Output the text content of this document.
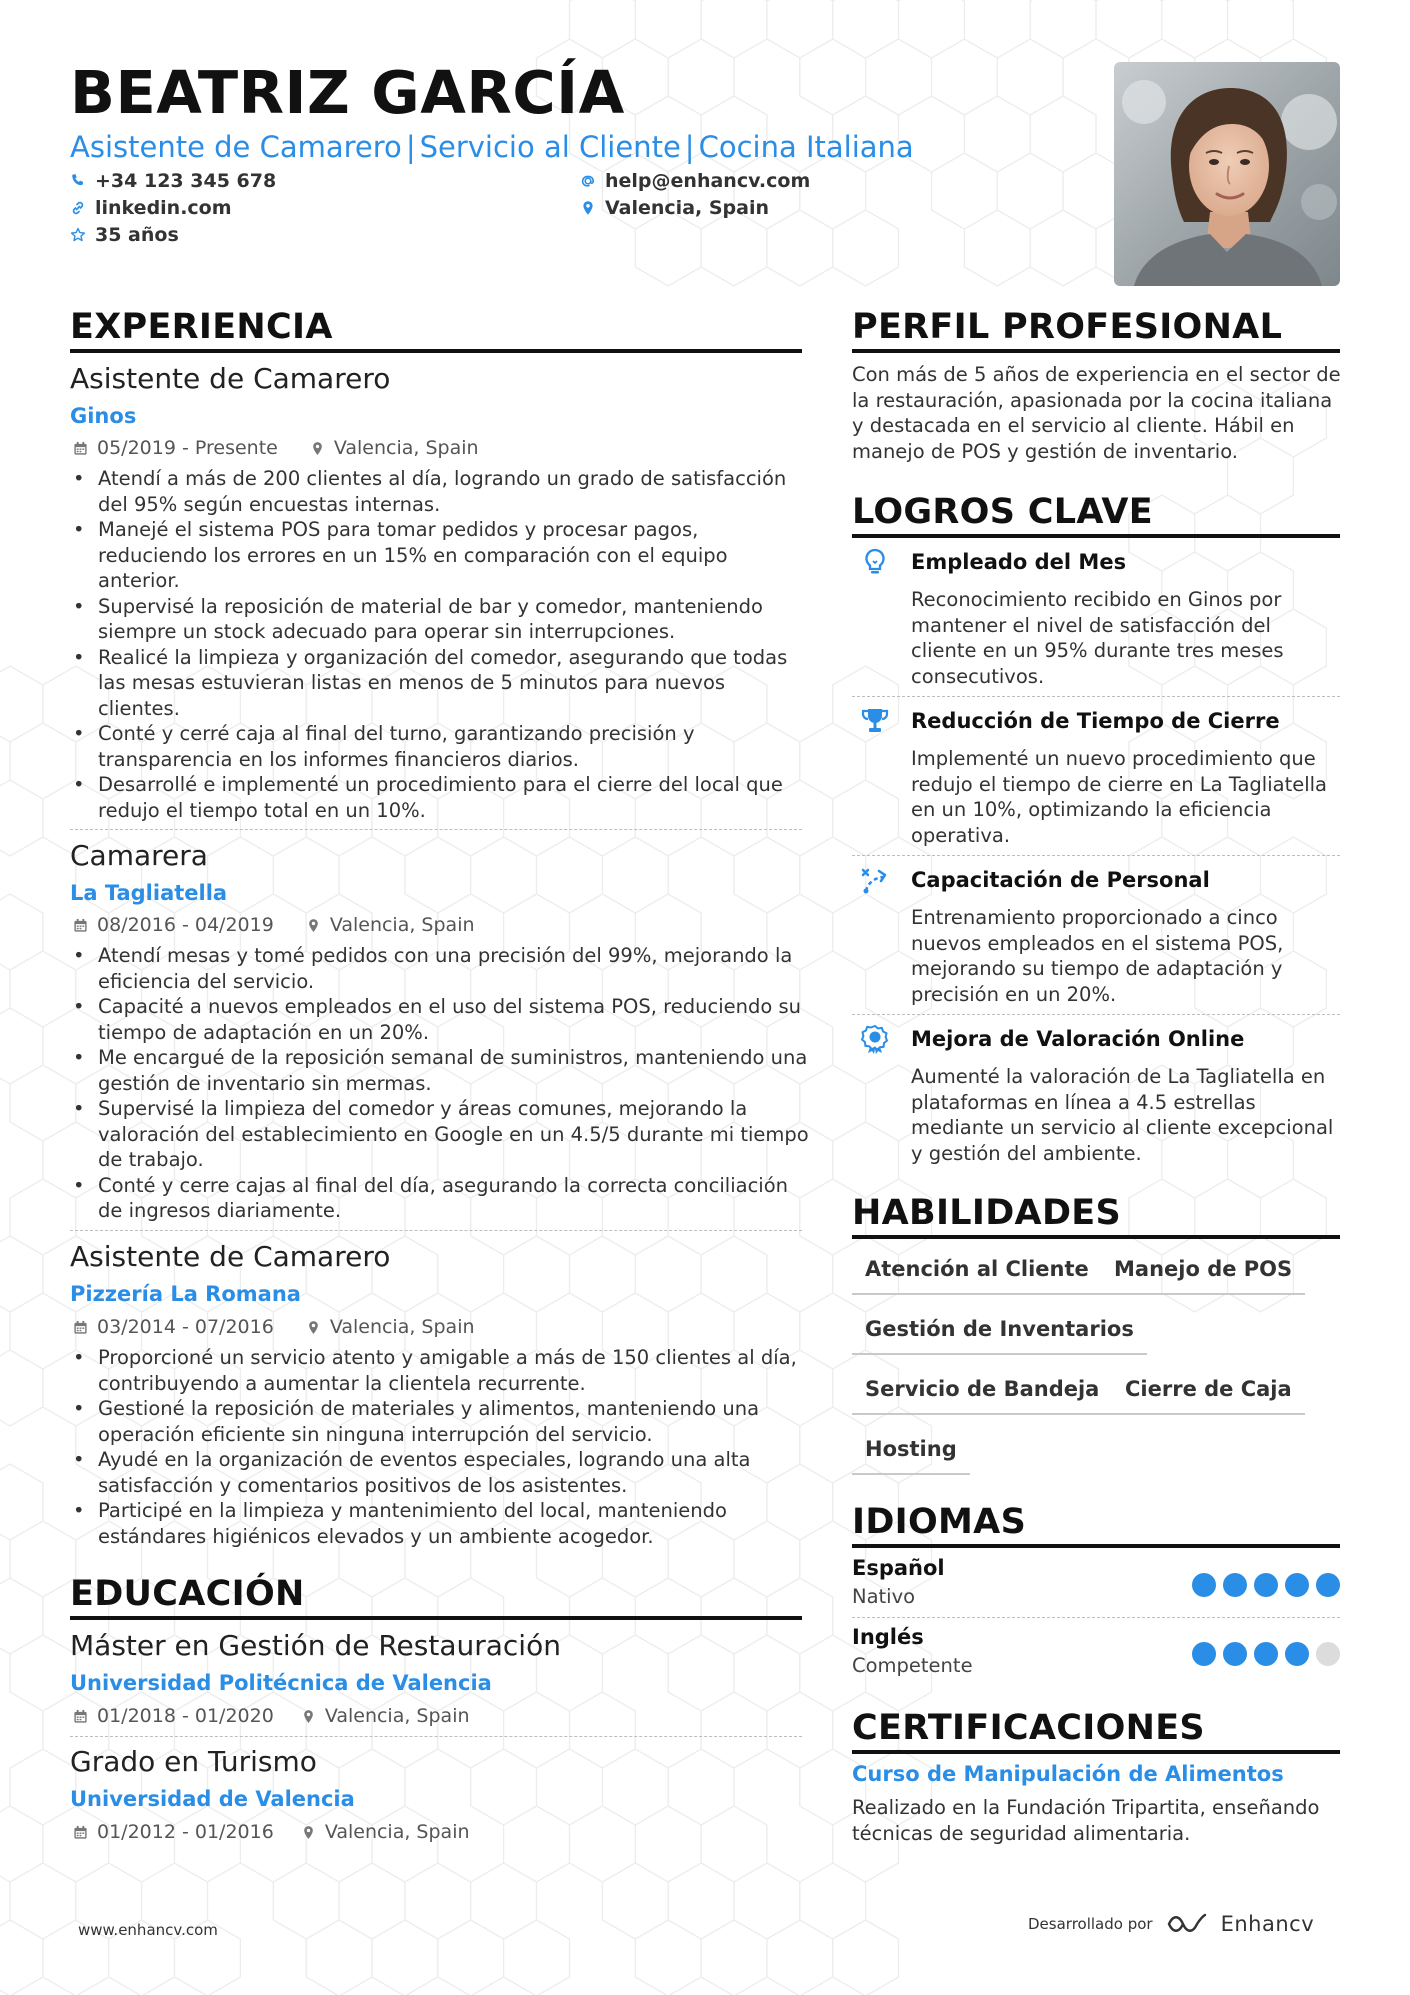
BEATRIZ GARCÍA
Asistente de Camarero | Servicio al Cliente | Cocina Italiana
+34 123 345 678	help@enhancv.com
linkedin.com	Valencia, Spain
35 años
EXPERIENCIA
Asistente de Camarero
Ginos
05/2019 - Presente	Valencia, Spain
• Atendí a más de 200 clientes al día, logrando un grado de satisfacción del 95% según encuestas internas.
• Manejé el sistema POS para tomar pedidos y procesar pagos, reduciendo los errores en un 15% en comparación con el equipo anterior.
• Supervisé la reposición de material de bar y comedor, manteniendo siempre un stock adecuado para operar sin interrupciones.
• Realicé la limpieza y organización del comedor, asegurando que todas las mesas estuvieran listas en menos de 5 minutos para nuevos clientes.
• Conté y cerré caja al final del turno, garantizando precisión y transparencia en los informes financieros diarios.
• Desarrollé e implementé un procedimiento para el cierre del local que redujo el tiempo total en un 10%.
Camarera
La Tagliatella
08/2016 - 04/2019	Valencia, Spain
• Atendí mesas y tomé pedidos con una precisión del 99%, mejorando la eficiencia del servicio.
• Capacité a nuevos empleados en el uso del sistema POS, reduciendo su tiempo de adaptación en un 20%.
• Me encargué de la reposición semanal de suministros, manteniendo una gestión de inventario sin mermas.
• Supervisé la limpieza del comedor y áreas comunes, mejorando la valoración del establecimiento en Google en un 4.5/5 durante mi tiempo de trabajo.
• Conté y cerre cajas al final del día, asegurando la correcta conciliación de ingresos diariamente.
Asistente de Camarero
Pizzería La Romana
03/2014 - 07/2016	Valencia, Spain
• Proporcioné un servicio atento y amigable a más de 150 clientes al día, contribuyendo a aumentar la clientela recurrente.
• Gestioné la reposición de materiales y alimentos, manteniendo una operación eficiente sin ninguna interrupción del servicio.
• Ayudé en la organización de eventos especiales, logrando una alta satisfacción y comentarios positivos de los asistentes.
• Participé en la limpieza y mantenimiento del local, manteniendo estándares higiénicos elevados y un ambiente acogedor.
EDUCACIÓN
Máster en Gestión de Restauración
Universidad Politécnica de Valencia
01/2018 - 01/2020	Valencia, Spain
Grado en Turismo
Universidad de Valencia
01/2012 - 01/2016	Valencia, Spain
PERFIL PROFESIONAL
Con más de 5 años de experiencia en el sector de la restauración, apasionada por la cocina italiana y destacada en el servicio al cliente. Hábil en manejo de POS y gestión de inventario.
LOGROS CLAVE
Empleado del Mes
Reconocimiento recibido en Ginos por mantener el nivel de satisfacción del cliente en un 95% durante tres meses consecutivos.
Reducción de Tiempo de Cierre
Implementé un nuevo procedimiento que redujo el tiempo de cierre en La Tagliatella en un 10%, optimizando la eficiencia operativa.
Capacitación de Personal
Entrenamiento proporcionado a cinco nuevos empleados en el sistema POS, mejorando su tiempo de adaptación y precisión en un 20%.
Mejora de Valoración Online
Aumenté la valoración de La Tagliatella en plataformas en línea a 4.5 estrellas mediante un servicio al cliente excepcional y gestión del ambiente.
HABILIDADES
Atención al Cliente	Manejo de POS
Gestión de Inventarios
Servicio de Bandeja	Cierre de Caja
Hosting
IDIOMAS
Español
Nativo
Inglés
Competente
CERTIFICACIONES
Curso de Manipulación de Alimentos
Realizado en la Fundación Tripartita, enseñando técnicas de seguridad alimentaria.
www.enhancv.com	Desarrollado por	Enhancv
